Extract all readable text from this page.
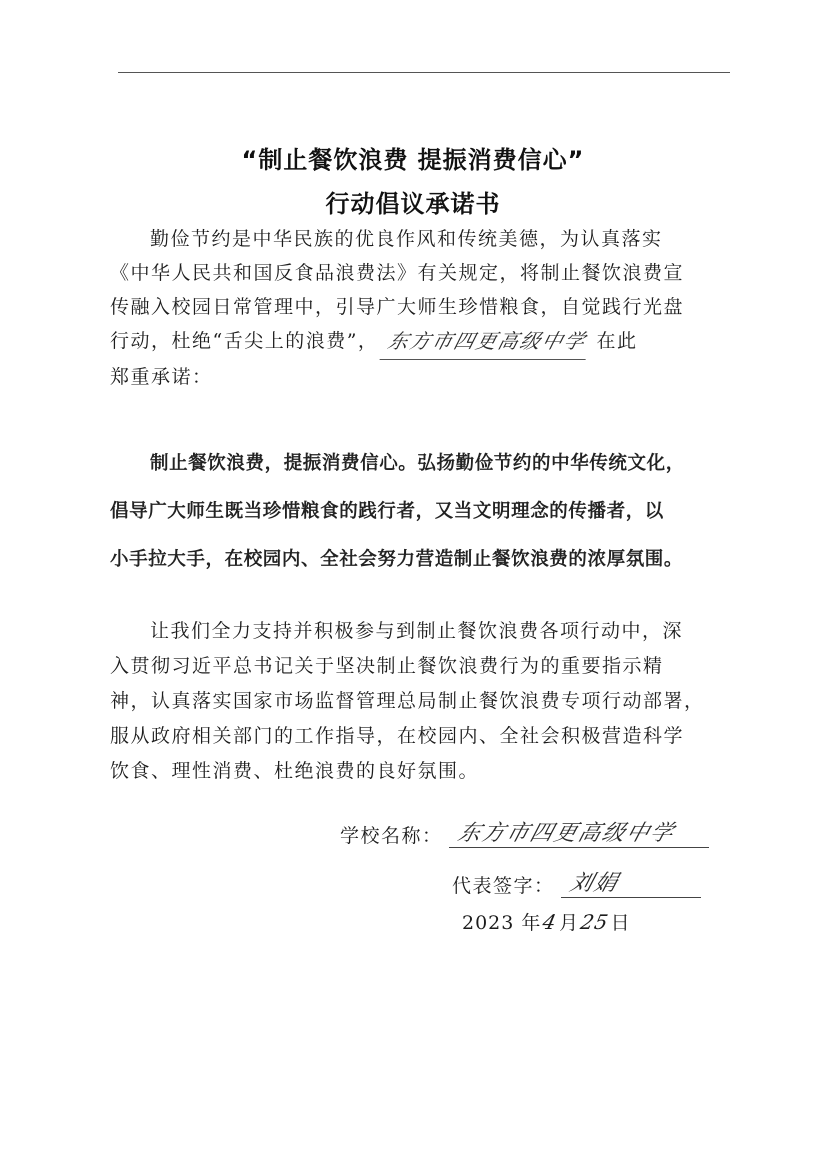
“制止餐饮浪费 提振消费信心”
行动倡议承诺书
勤俭节约是中华民族的优良作风和传统美德，为认真落实
《中华人民共和国反食品浪费法》有关规定，将制止餐饮浪费宣
传融入校园日常管理中，引导广大师生珍惜粮食，自觉践行光盘
行动，杜绝“舌尖上的浪费”， 东方市四更高级中学 在此
郑重承诺：
制止餐饮浪费，提振消费信心。弘扬勤俭节约的中华传统文化，
倡导广大师生既当珍惜粮食的践行者，又当文明理念的传播者，以
小手拉大手，在校园内、全社会努力营造制止餐饮浪费的浓厚氛围。
让我们全力支持并积极参与到制止餐饮浪费各项行动中，深
入贯彻习近平总书记关于坚决制止餐饮浪费行为的重要指示精
神，认真落实国家市场监督管理总局制止餐饮浪费专项行动部署，
服从政府相关部门的工作指导，在校园内、全社会积极营造科学
饮食、理性消费、杜绝浪费的良好氛围。
学校名称： 东方市四更高级中学
代表签字： 刘娟
2023 年4月25日
